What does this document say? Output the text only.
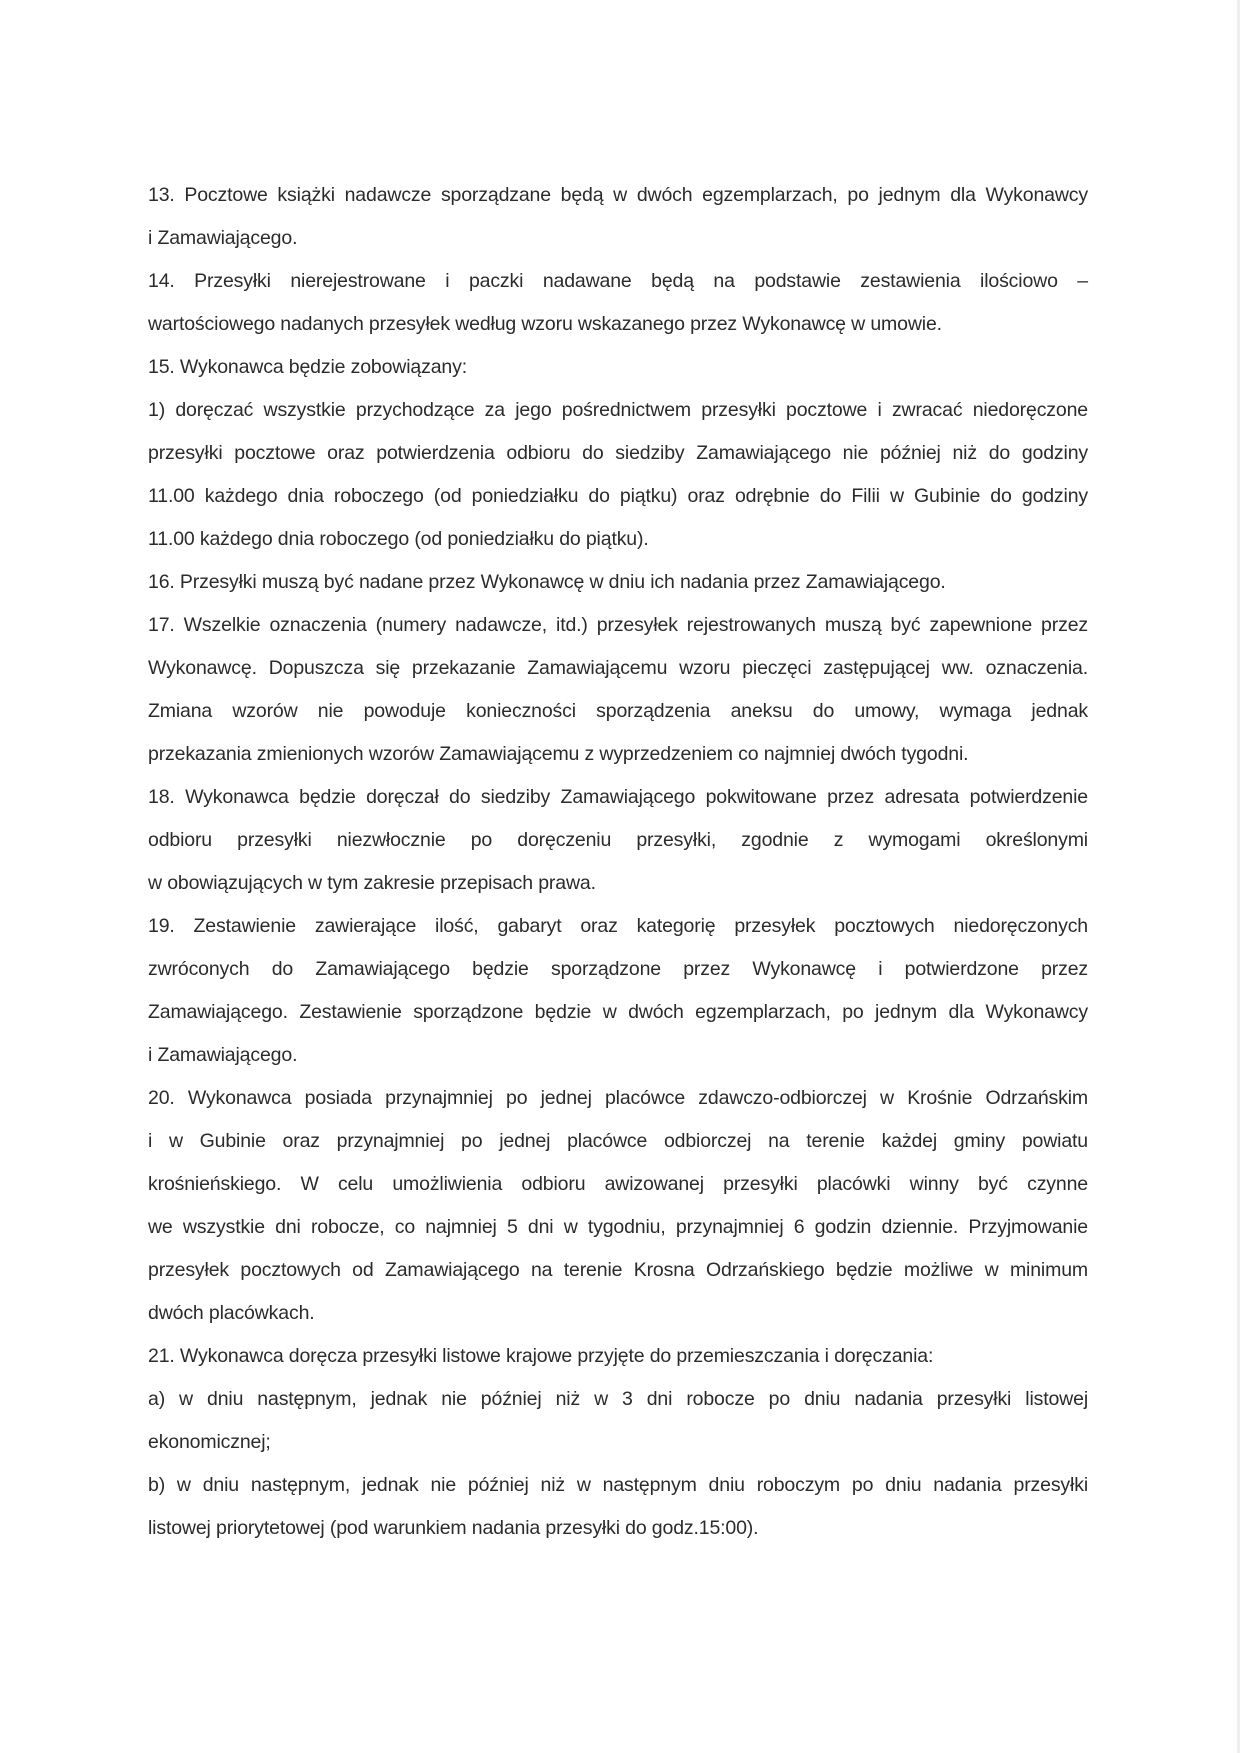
13. Pocztowe książki nadawcze sporządzane będą w dwóch egzemplarzach, po jednym dla Wykonawcy
i Zamawiającego.
14. Przesyłki nierejestrowane i paczki nadawane będą na podstawie zestawienia ilościowo –
wartościowego nadanych przesyłek według wzoru wskazanego przez Wykonawcę w umowie.
15. Wykonawca będzie zobowiązany:
1) doręczać wszystkie przychodzące za jego pośrednictwem przesyłki pocztowe i zwracać niedoręczone
przesyłki pocztowe oraz potwierdzenia odbioru do siedziby Zamawiającego nie później niż do godziny
11.00 każdego dnia roboczego (od poniedziałku do piątku) oraz odrębnie do Filii w Gubinie do godziny
11.00 każdego dnia roboczego (od poniedziałku do piątku).
16. Przesyłki muszą być nadane przez Wykonawcę w dniu ich nadania przez Zamawiającego.
17. Wszelkie oznaczenia (numery nadawcze, itd.) przesyłek rejestrowanych muszą być zapewnione przez
Wykonawcę. Dopuszcza się przekazanie Zamawiającemu wzoru pieczęci zastępującej ww. oznaczenia.
Zmiana wzorów nie powoduje konieczności sporządzenia aneksu do umowy, wymaga jednak
przekazania zmienionych wzorów Zamawiającemu z wyprzedzeniem co najmniej dwóch tygodni.
18. Wykonawca będzie doręczał do siedziby Zamawiającego pokwitowane przez adresata potwierdzenie
odbioru przesyłki niezwłocznie po doręczeniu przesyłki, zgodnie z wymogami określonymi
w obowiązujących w tym zakresie przepisach prawa.
19. Zestawienie zawierające ilość, gabaryt oraz kategorię przesyłek pocztowych niedoręczonych
zwróconych do Zamawiającego będzie sporządzone przez Wykonawcę i potwierdzone przez
Zamawiającego. Zestawienie sporządzone będzie w dwóch egzemplarzach, po jednym dla Wykonawcy
i Zamawiającego.
20. Wykonawca posiada przynajmniej po jednej placówce zdawczo-odbiorczej w Krośnie Odrzańskim
i w Gubinie oraz przynajmniej po jednej placówce odbiorczej na terenie każdej gminy powiatu
krośnieńskiego. W celu umożliwienia odbioru awizowanej przesyłki placówki winny być czynne
we wszystkie dni robocze, co najmniej 5 dni w tygodniu, przynajmniej 6 godzin dziennie. Przyjmowanie
przesyłek pocztowych od Zamawiającego na terenie Krosna Odrzańskiego będzie możliwe w minimum
dwóch placówkach.
21. Wykonawca doręcza przesyłki listowe krajowe przyjęte do przemieszczania i doręczania:
a) w dniu następnym, jednak nie później niż w 3 dni robocze po dniu nadania przesyłki listowej
ekonomicznej;
b) w dniu następnym, jednak nie później niż w następnym dniu roboczym po dniu nadania przesyłki
listowej priorytetowej (pod warunkiem nadania przesyłki do godz.15:00).
